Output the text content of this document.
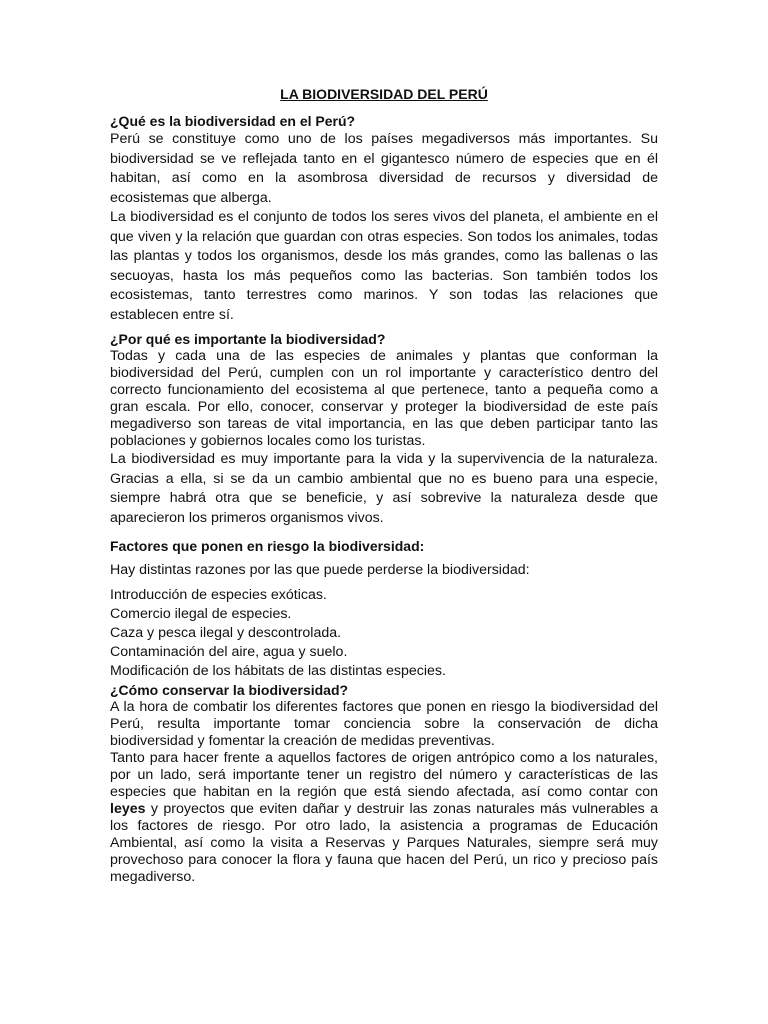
LA BIODIVERSIDAD DEL PERÚ
¿Qué es la biodiversidad en el Perú?

Perú se constituye como uno de los países megadiversos más importantes. Su biodiversidad se ve reflejada tanto en el gigantesco número de especies que en él habitan, así como en la asombrosa diversidad de recursos y diversidad de ecosistemas que alberga.

La biodiversidad es el conjunto de todos los seres vivos del planeta, el ambiente en el que viven y la relación que guardan con otras especies. Son todos los animales, todas las plantas y todos los organismos, desde los más grandes, como las ballenas o las secuoyas, hasta los más pequeños como las bacterias. Son también todos los ecosistemas, tanto terrestres como marinos. Y son todas las relaciones que establecen entre sí.

¿Por qué es importante la biodiversidad?

Todas y cada una de las especies de animales y plantas que conforman la biodiversidad del Perú, cumplen con un rol importante y característico dentro del correcto funcionamiento del ecosistema al que pertenece, tanto a pequeña como a gran escala. Por ello, conocer, conservar y proteger la biodiversidad de este país megadiverso son tareas de vital importancia, en las que deben participar tanto las poblaciones y gobiernos locales como los turistas.

La biodiversidad es muy importante para la vida y la supervivencia de la naturaleza. Gracias a ella, si se da un cambio ambiental que no es bueno para una especie, siempre habrá otra que se beneficie, y así sobrevive la naturaleza desde que aparecieron los primeros organismos vivos.

Factores que ponen en riesgo la biodiversidad:

Hay distintas razones por las que puede perderse la biodiversidad:

Introducción de especies exóticas.

Comercio ilegal de especies.

Caza y pesca ilegal y descontrolada.

Contaminación del aire, agua y suelo.

Modificación de los hábitats de las distintas especies.

¿Cómo conservar la biodiversidad?

A la hora de combatir los diferentes factores que ponen en riesgo la biodiversidad del Perú, resulta importante tomar conciencia sobre la conservación de dicha biodiversidad y fomentar la creación de medidas preventivas.

Tanto para hacer frente a aquellos factores de origen antrópico como a los naturales, por un lado, será importante tener un registro del número y características de las especies que habitan en la región que está siendo afectada, así como contar con leyes y proyectos que eviten dañar y destruir las zonas naturales más vulnerables a los factores de riesgo. Por otro lado, la asistencia a programas de Educación Ambiental, así como la visita a Reservas y Parques Naturales, siempre será muy provechoso para conocer la flora y fauna que hacen del Perú, un rico y precioso país megadiverso.
